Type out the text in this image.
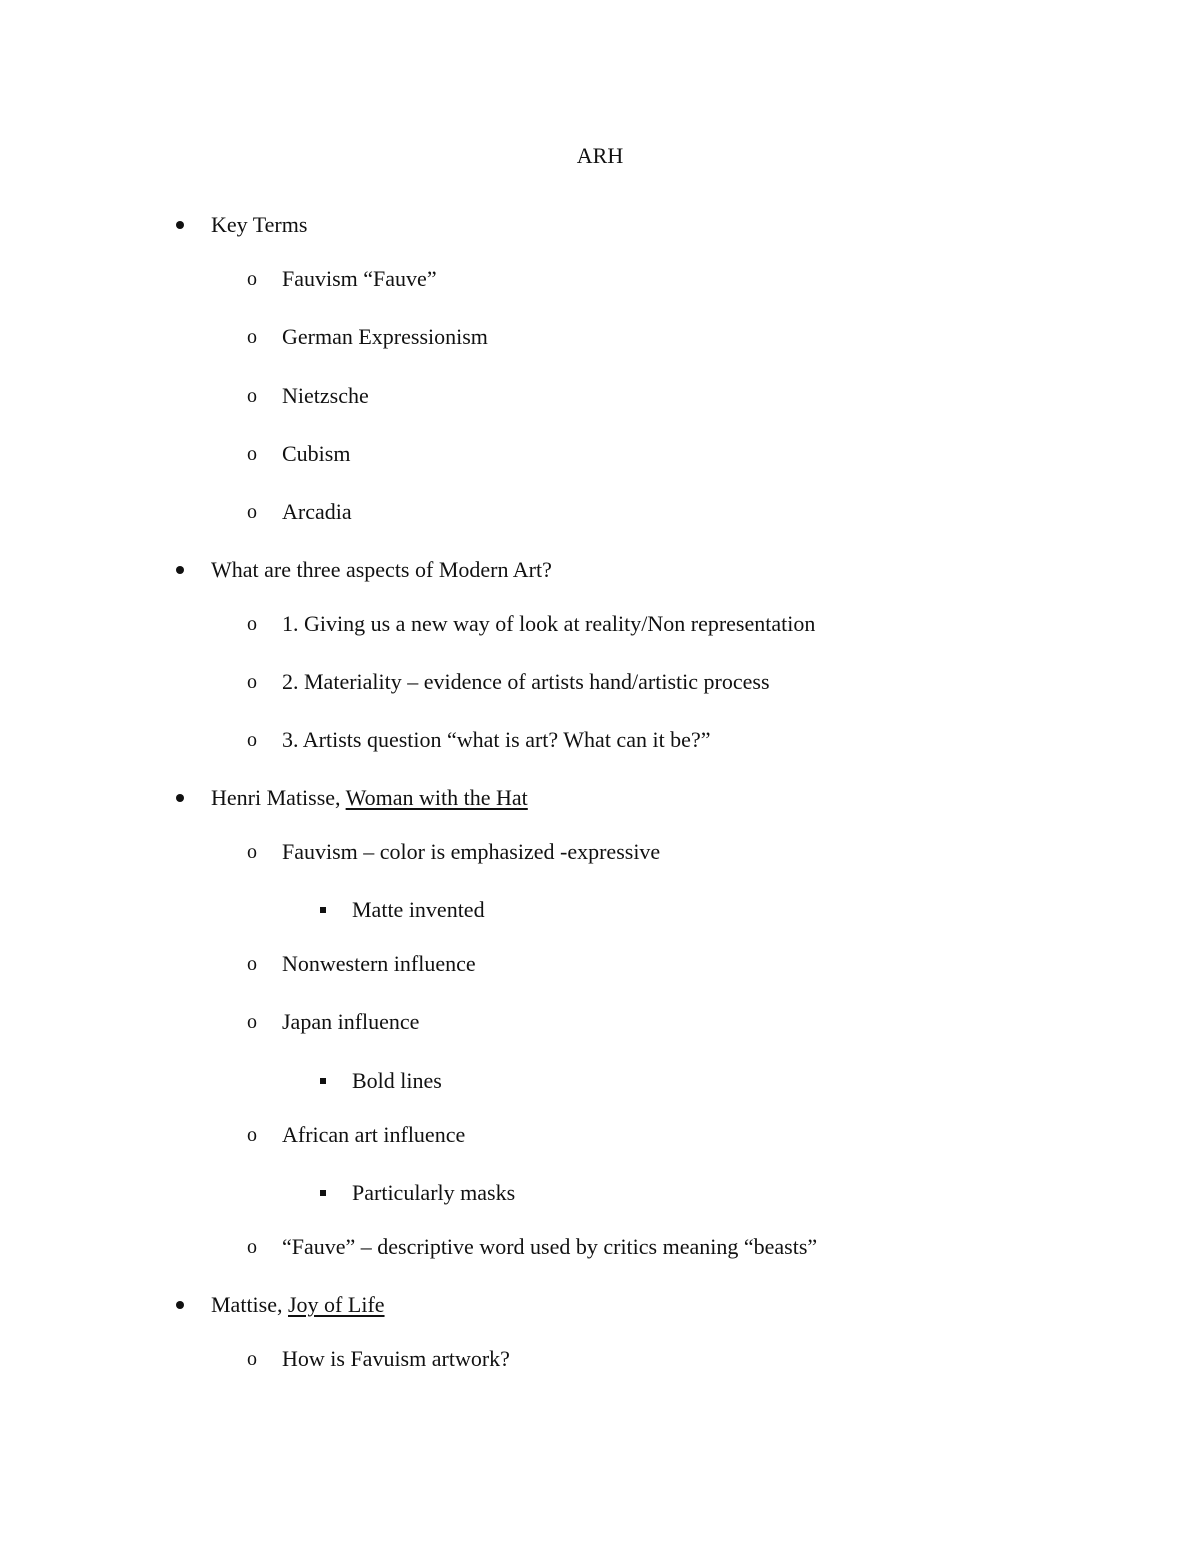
ARH
Key Terms
o Fauvism “Fauve”
o German Expressionism
o Nietzsche
o Cubism
o Arcadia
What are three aspects of Modern Art?
o 1. Giving us a new way of look at reality/Non representation
o 2. Materiality – evidence of artists hand/artistic process
o 3. Artists question “what is art? What can it be?”
Henri Matisse, Woman with the Hat
o Fauvism – color is emphasized -expressive
Matte invented
o Nonwestern influence
o Japan influence
Bold lines
o African art influence
Particularly masks
o “Fauve” – descriptive word used by critics meaning “beasts”
Mattise, Joy of Life
o How is Favuism artwork?
